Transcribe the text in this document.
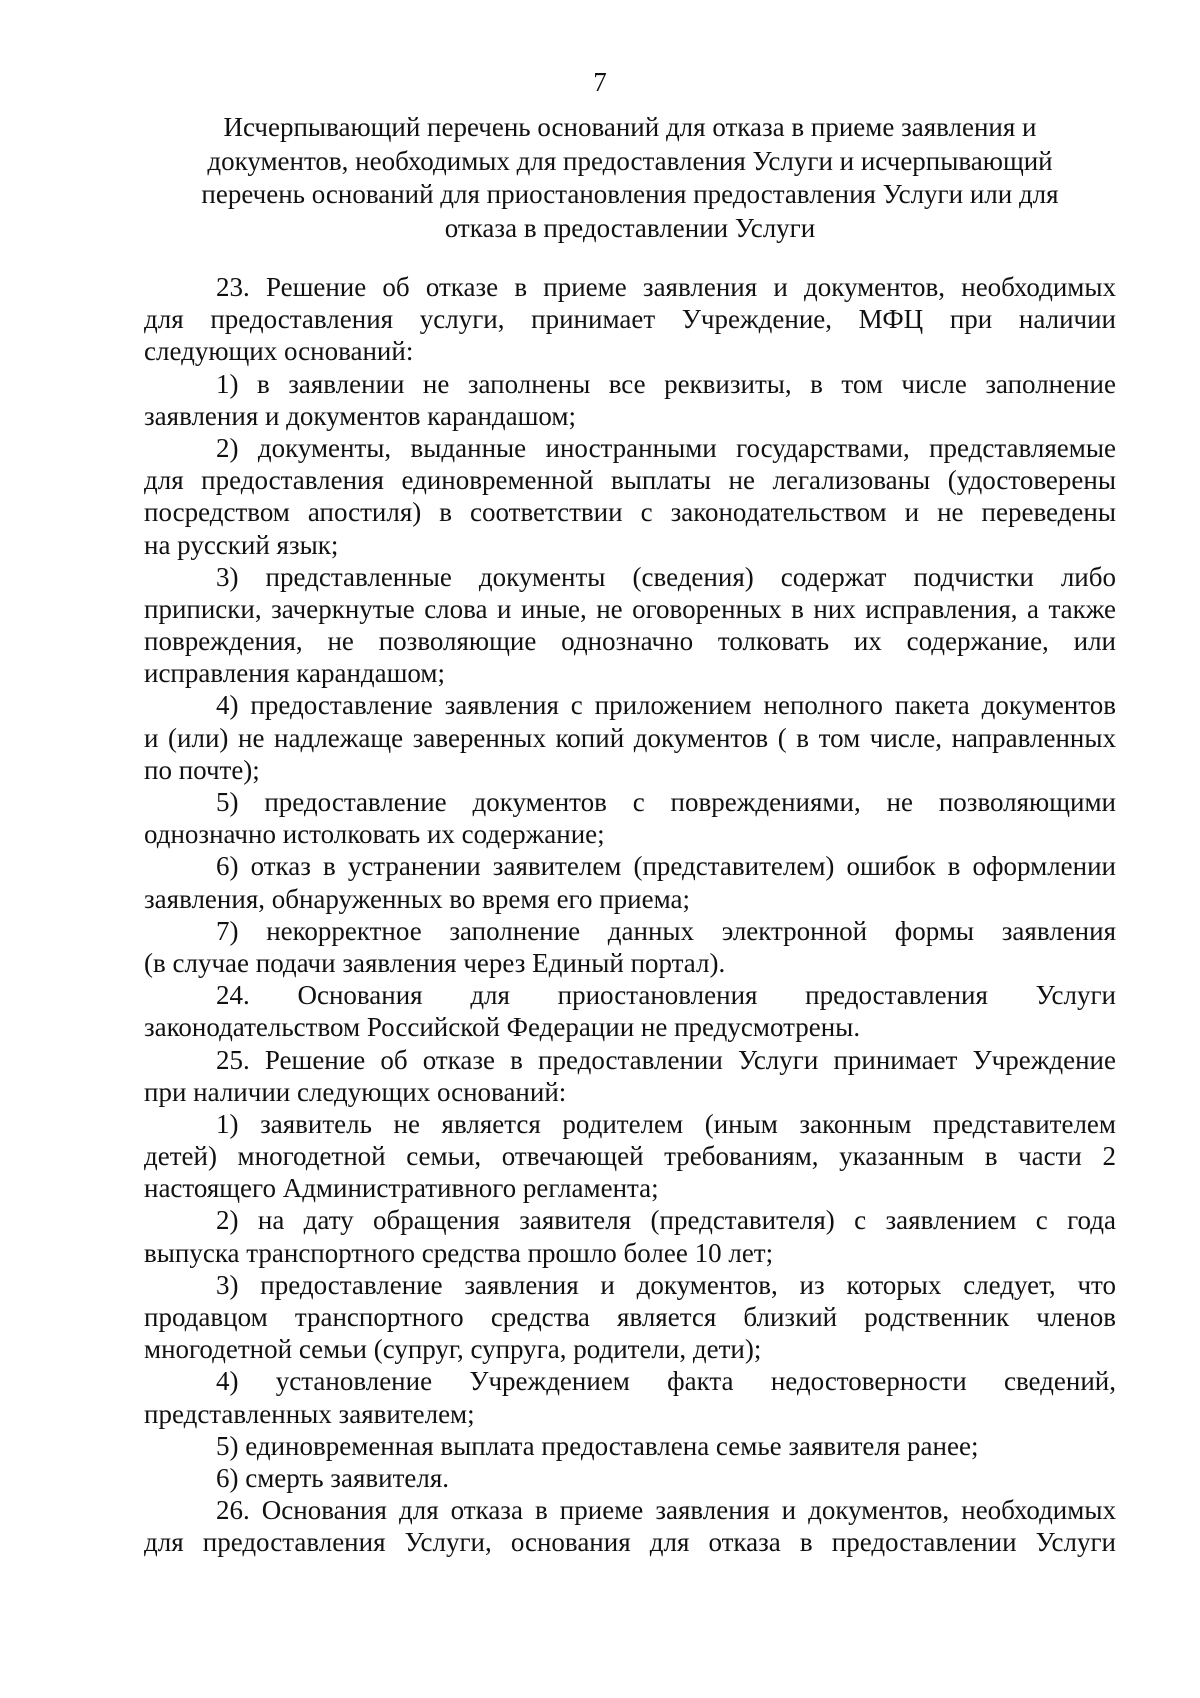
7
Исчерпывающий перечень оснований для отказа в приеме заявления и
документов, необходимых для предоставления Услуги и исчерпывающий
перечень оснований для приостановления предоставления Услуги или для
отказа в предоставлении Услуги
23. Решение об отказе в приеме заявления и документов, необходимых
для предоставления услуги, принимает Учреждение, МФЦ при наличии
следующих оснований:
1) в заявлении не заполнены все реквизиты, в том числе заполнение
заявления и документов карандашом;
2) документы, выданные иностранными государствами, представляемые
для предоставления единовременной выплаты не легализованы (удостоверены
посредством апостиля) в соответствии с законодательством и не переведены
на русский язык;
3) представленные документы (сведения) содержат подчистки либо
приписки, зачеркнутые слова и иные, не оговоренных в них исправления, а также
повреждения, не позволяющие однозначно толковать их содержание, или
исправления карандашом;
4) предоставление заявления с приложением неполного пакета документов
и (или) не надлежаще заверенных копий документов ( в том числе, направленных
по почте);
5) предоставление документов с повреждениями, не позволяющими
однозначно истолковать их содержание;
6) отказ в устранении заявителем (представителем) ошибок в оформлении
заявления, обнаруженных во время его приема;
7) некорректное заполнение данных электронной формы заявления
(в случае подачи заявления через Единый портал).
24. Основания для приостановления предоставления Услуги
законодательством Российской Федерации не предусмотрены.
25. Решение об отказе в предоставлении Услуги принимает Учреждение
при наличии следующих оснований:
1) заявитель не является родителем (иным законным представителем
детей) многодетной семьи, отвечающей требованиям, указанным в части 2
настоящего Административного регламента;
2) на дату обращения заявителя (представителя) с заявлением с года
выпуска транспортного средства прошло более 10 лет;
3) предоставление заявления и документов, из которых следует, что
продавцом транспортного средства является близкий родственник членов
многодетной семьи (супруг, супруга, родители, дети);
4) установление Учреждением факта недостоверности сведений,
представленных заявителем;
5) единовременная выплата предоставлена семье заявителя ранее;
6) смерть заявителя.
26. Основания для отказа в приеме заявления и документов, необходимых
для предоставления Услуги, основания для отказа в предоставлении Услуги
